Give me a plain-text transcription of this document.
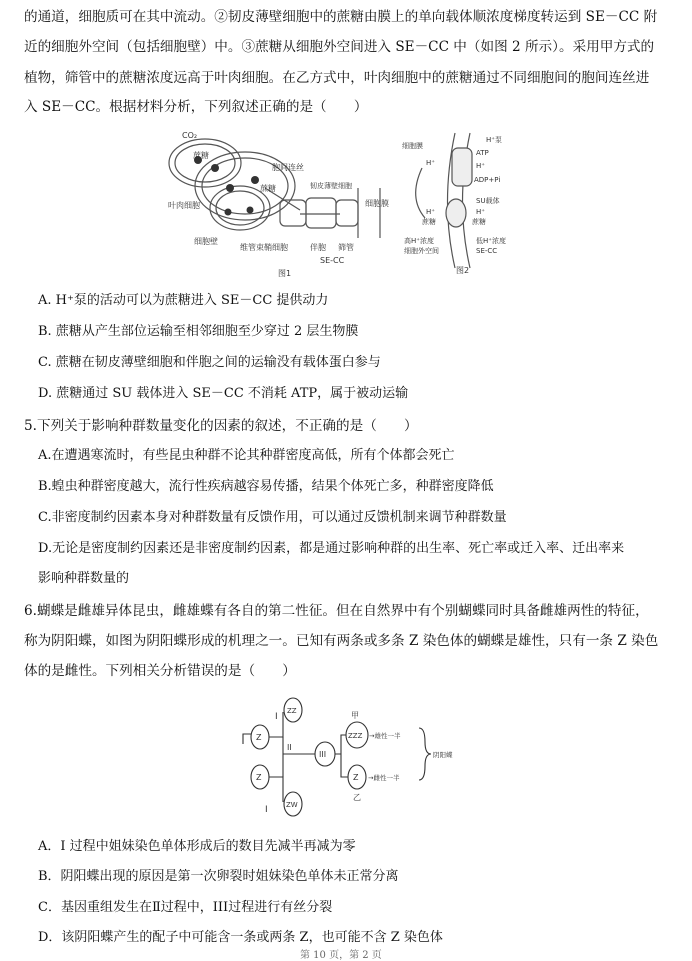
的通道，细胞质可在其中流动。②韧皮薄壁细胞中的蔗糖由膜上的单向载体顺浓度梯度转运到 SE－CC 附
近的细胞外空间（包括细胞壁）中。③蔗糖从细胞外空间进入 SE－CC 中（如图 2 所示）。采用甲方式的
植物，筛管中的蔗糖浓度远高于叶肉细胞。在乙方式中，叶肉细胞中的蔗糖通过不同细胞间的胞间连丝进
入 SE－CC。根据材料分析，下列叙述正确的是（　　）
CO₂
蔗糖
蔗糖
胞间连丝
韧皮薄壁细胞
细胞膜
叶肉细胞
细胞壁
维管束鞘细胞	伴胞 筛管
SE-CC
图1
细胞膜
H⁺泵
ATP
H⁺	H⁺
ADP+Pi
SU载体
H⁺	H⁺
蔗糖	蔗糖
高H⁺浓度
细胞外空间
低H⁺浓度
SE-CC
图2
A. H⁺泵的活动可以为蔗糖进入 SE－CC 提供动力
B. 蔗糖从产生部位运输至相邻细胞至少穿过 2 层生物膜
C. 蔗糖在韧皮薄壁细胞和伴胞之间的运输没有载体蛋白参与
D. 蔗糖通过 SU 载体进入 SE－CC 不消耗 ATP，属于被动运输
5.下列关于影响种群数量变化的因素的叙述，不正确的是（　　）
A.在遭遇寒流时，有些昆虫种群不论其种群密度高低，所有个体都会死亡
B.蝗虫种群密度越大，流行性疾病越容易传播，结果个体死亡多，种群密度降低
C.非密度制约因素本身对种群数量有反馈作用，可以通过反馈机制来调节种群数量
D.无论是密度制约因素还是非密度制约因素，都是通过影响种群的出生率、死亡率或迁入率、迁出率来
影响种群数量的
6.蝴蝶是雌雄异体昆虫，雌雄蝶有各自的第二性征。但在自然界中有个别蝴蝶同时具备雌雄两性的特征，
称为阴阳蝶，如图为阴阳蝶形成的机理之一。已知有两条或多条 Z 染色体的蝴蝶是雄性，只有一条 Z 染色
体的是雌性。下列相关分析错误的是（　　）
I
ZZ
Z
II
III
甲
ZZZ →雄性一半
Z	Z →雌性一半
阴阳蝶
乙
I	ZW
A．I 过程中姐妹染色单体形成后的数目先减半再减为零
B．阴阳蝶出现的原因是第一次卵裂时姐妹染色单体未正常分离
C．基因重组发生在Ⅱ过程中，III过程进行有丝分裂
D．该阴阳蝶产生的配子中可能含一条或两条 Z，也可能不含 Z 染色体
第 10 页，第 2 页
